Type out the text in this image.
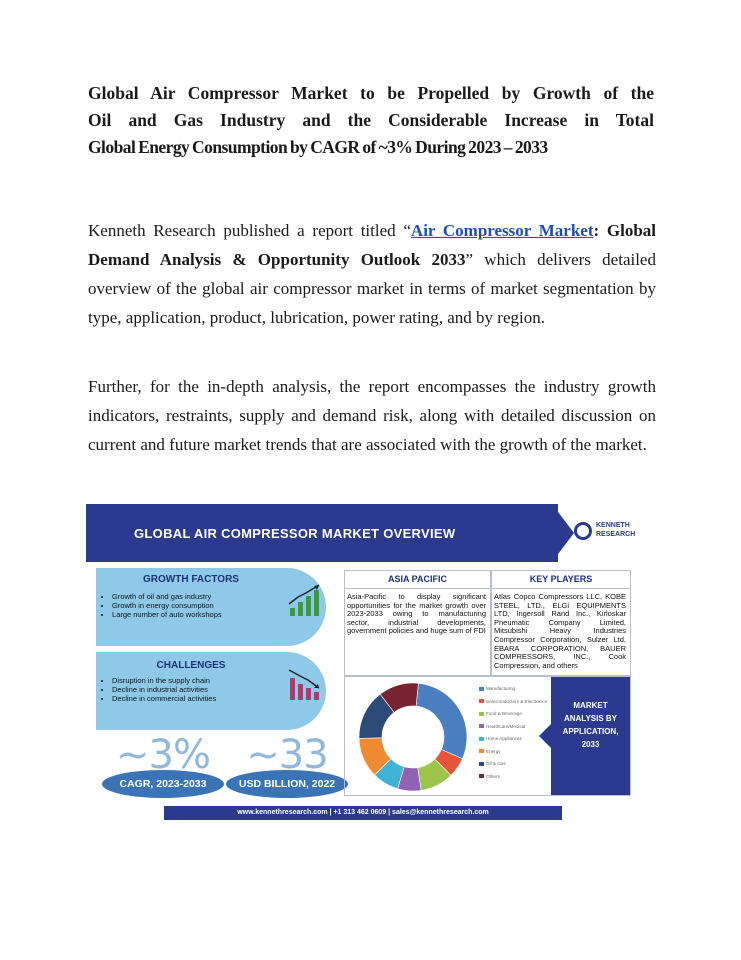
Global Air Compressor Market to be Propelled by Growth of the
Oil and Gas Industry and the Considerable Increase in Total
Global Energy Consumption by CAGR of ~3% During 2023 – 2033

Kenneth Research published a report titled “Air Compressor Market: Global Demand Analysis & Opportunity Outlook 2033” which delivers detailed overview of the global air compressor market in terms of market segmentation by type, application, product, lubrication, power rating, and by region.

Further, for the in-depth analysis, the report encompasses the industry growth indicators, restraints, supply and demand risk, along with detailed discussion on current and future market trends that are associated with the growth of the market.

GLOBAL AIR COMPRESSOR MARKET OVERVIEW
KENNETH
RESEARCH
GROWTH FACTORS
• Growth of oil and gas industry
• Growth in energy consumption
• Large number of auto workshops
CHALLENGES
• Disruption in the supply chain
• Decline in industrial activities
• Decline in commercial activities
~3%
CAGR, 2023-2033
~33
USD BILLION, 2022
ASIA PACIFIC
Asia-Pacific to display significant opportunities for the market growth over 2023-2033 owing to manufacturing sector, industrial developments, government policies and huge sum of FDI
KEY PLAYERS
Atlas Copco Compressors LLC, KOBE STEEL, LTD., ELGi EQUIPMENTS LTD, Ingersoll Rand Inc., Kirloskar Pneumatic Company Limited, Mitsubishi Heavy Industries Compressor Corporation, Sulzer Ltd, EBARA CORPORATION, BAUER COMPRESSORS, INC., Cook Compression, and others
Manufacturing
Semiconductors & Electronics
Food & Beverage
Healthcare/Medical
Home Appliances
Energy
Oil & Gas
Others
MARKET
ANALYSIS BY
APPLICATION,
2033
www.kennethresearch.com | +1 313 462 0609 | sales@kennethresearch.com
